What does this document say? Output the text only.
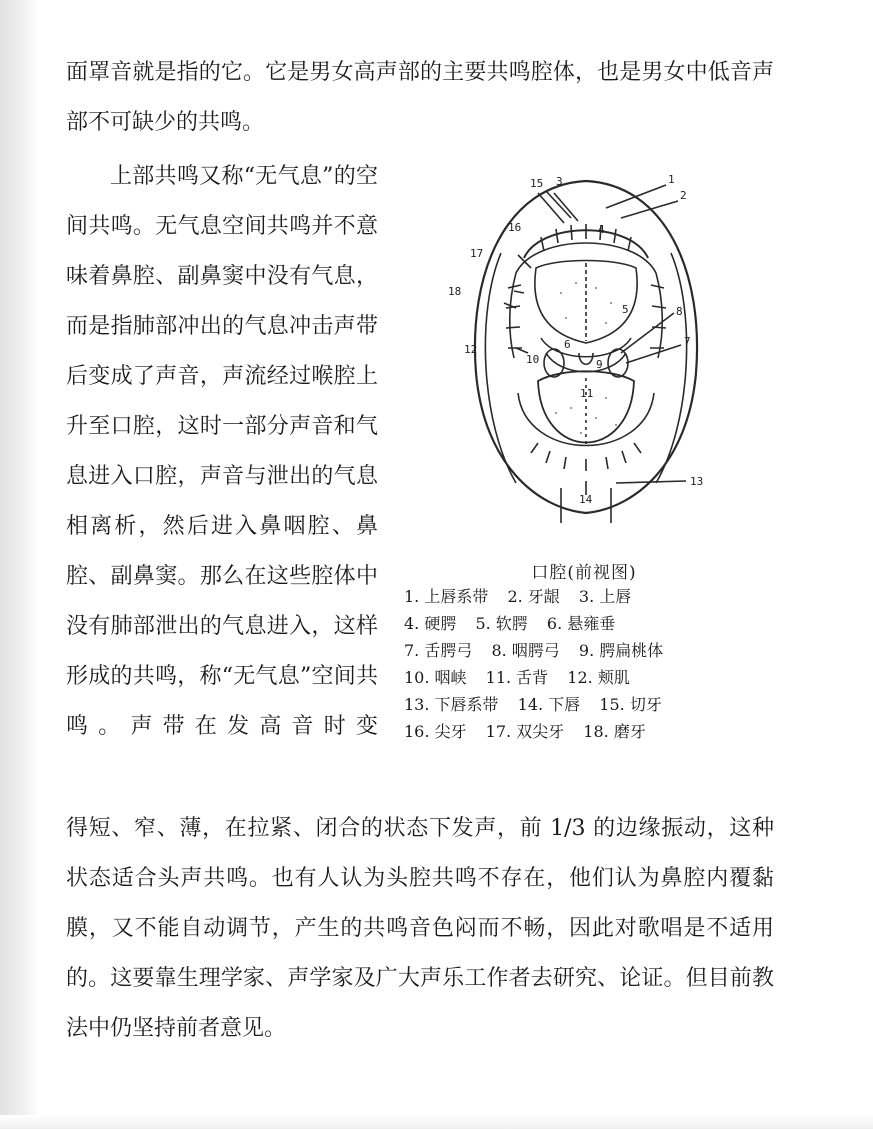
面罩音就是指的它。它是男女高声部的主要共鸣腔体，也是男女中低音声部不可缺少的共鸣。

上部共鸣又称“无气息”的空间共鸣。无气息空间共鸣并不意味着鼻腔、副鼻窦中没有气息，而是指肺部冲出的气息冲击声带后变成了声音，声流经过喉腔上升至口腔，这时一部分声音和气息进入口腔，声音与泄出的气息相离析，然后进入鼻咽腔、鼻腔、副鼻窦。那么在这些腔体中没有肺部泄出的气息进入，这样形成的共鸣，称“无气息”空间共鸣。声带在发高音时变

15 3	1
2
16	4
17
18
5	8
7
12	6
10	9
11
13
14
口腔(前视图)
1. 上唇系带 2. 牙龈 3. 上唇
4. 硬腭 5. 软腭 6. 悬雍垂
7. 舌腭弓 8. 咽腭弓 9. 腭扁桃体
10. 咽峡 11. 舌背 12. 颊肌
13. 下唇系带 14. 下唇 15. 切牙
16. 尖牙 17. 双尖牙 18. 磨牙

得短、窄、薄，在拉紧、闭合的状态下发声，前 1/3 的边缘振动，这种状态适合头声共鸣。也有人认为头腔共鸣不存在，他们认为鼻腔内覆黏膜，又不能自动调节，产生的共鸣音色闷而不畅，因此对歌唱是不适用的。这要靠生理学家、声学家及广大声乐工作者去研究、论证。但目前教法中仍坚持前者意见。
